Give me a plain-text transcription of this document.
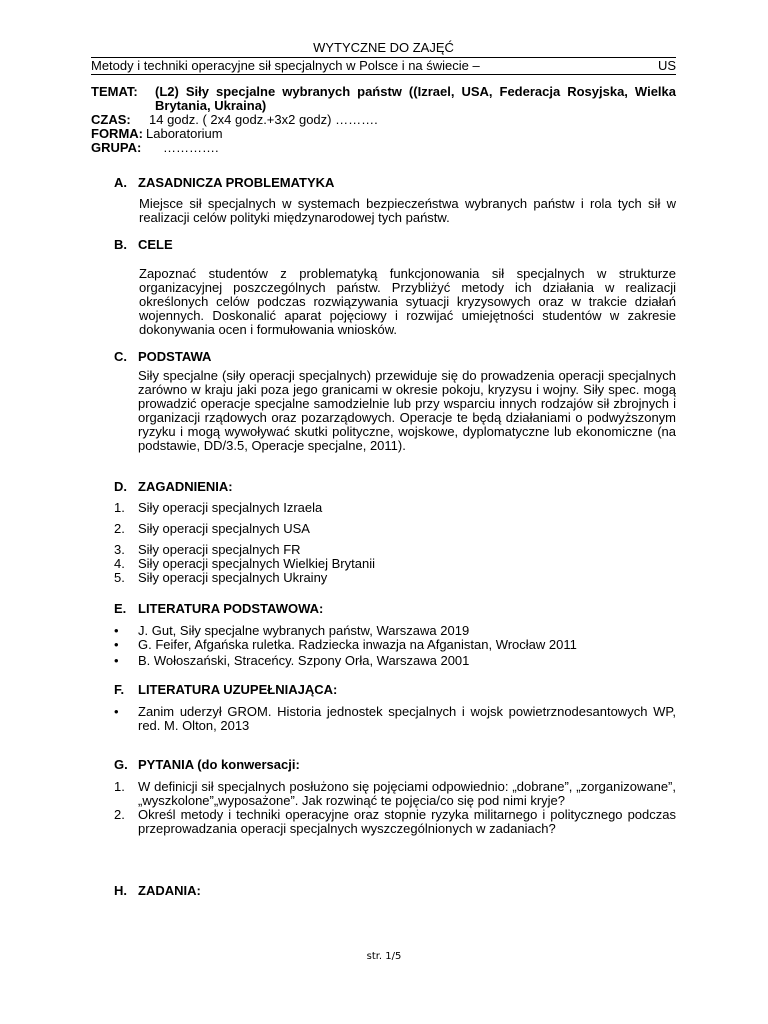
WYTYCZNE DO ZAJĘĆ
Metody i techniki operacyjne sił specjalnych w Polsce i na świecie –	US
TEMAT:	(L2) Siły specjalne wybranych państw ((Izrael, USA, Federacja Rosyjska, Wielka Brytania, Ukraina)
CZAS:	14 godz. ( 2x4 godz.+3x2 godz) ……….
FORMA: Laboratorium
GRUPA:	………….
A. ZASADNICZA PROBLEMATYKA
Miejsce sił specjalnych w systemach bezpieczeństwa wybranych państw i rola tych sił w realizacji celów polityki międzynarodowej tych państw.
B. CELE
Zapoznać studentów z problematyką funkcjonowania sił specjalnych w strukturze organizacyjnej poszczególnych państw. Przybliżyć metody ich działania w realizacji określonych celów podczas rozwiązywania sytuacji kryzysowych oraz w trakcie działań wojennych. Doskonalić aparat pojęciowy i rozwijać umiejętności studentów w zakresie dokonywania ocen i formułowania wniosków.
C. PODSTAWA
Siły specjalne (siły operacji specjalnych) przewiduje się do prowadzenia operacji specjalnych zarówno w kraju jaki poza jego granicami w okresie pokoju, kryzysu i wojny. Siły spec. mogą prowadzić operacje specjalne samodzielnie lub przy wsparciu innych rodzajów sił zbrojnych i organizacji rządowych oraz pozarządowych. Operacje te będą działaniami o podwyższonym ryzyku i mogą wywoływać skutki polityczne, wojskowe, dyplomatyczne lub ekonomiczne (na podstawie, DD/3.5, Operacje specjalne, 2011).
D. ZAGADNIENIA:
1.	Siły operacji specjalnych Izraela
2.	Siły operacji specjalnych USA
3.	Siły operacji specjalnych FR
4.	Siły operacji specjalnych Wielkiej Brytanii
5.	Siły operacji specjalnych Ukrainy
E. LITERATURA PODSTAWOWA:
•	J. Gut, Siły specjalne wybranych państw, Warszawa 2019
•	G. Feifer, Afgańska ruletka. Radziecka inwazja na Afganistan, Wrocław 2011
•	B. Wołoszański, Straceńcy. Szpony Orła, Warszawa 2001
F.	LITERATURA UZUPEŁNIAJĄCA:
•	Zanim uderzył GROM. Historia jednostek specjalnych i wojsk powietrznodesantowych WP, red. M. Olton, 2013
G. PYTANIA (do konwersacji:
1.	W definicji sił specjalnych posłużono się pojęciami odpowiednio: „dobrane”, „zorganizowane”, „wyszkolone”„wyposażone”. Jak rozwinąć te pojęcia/co się pod nimi kryje?
2.	Określ metody i techniki operacyjne oraz stopnie ryzyka militarnego i politycznego podczas przeprowadzania operacji specjalnych wyszczególnionych w zadaniach?
H. ZADANIA:
str. 1/5
